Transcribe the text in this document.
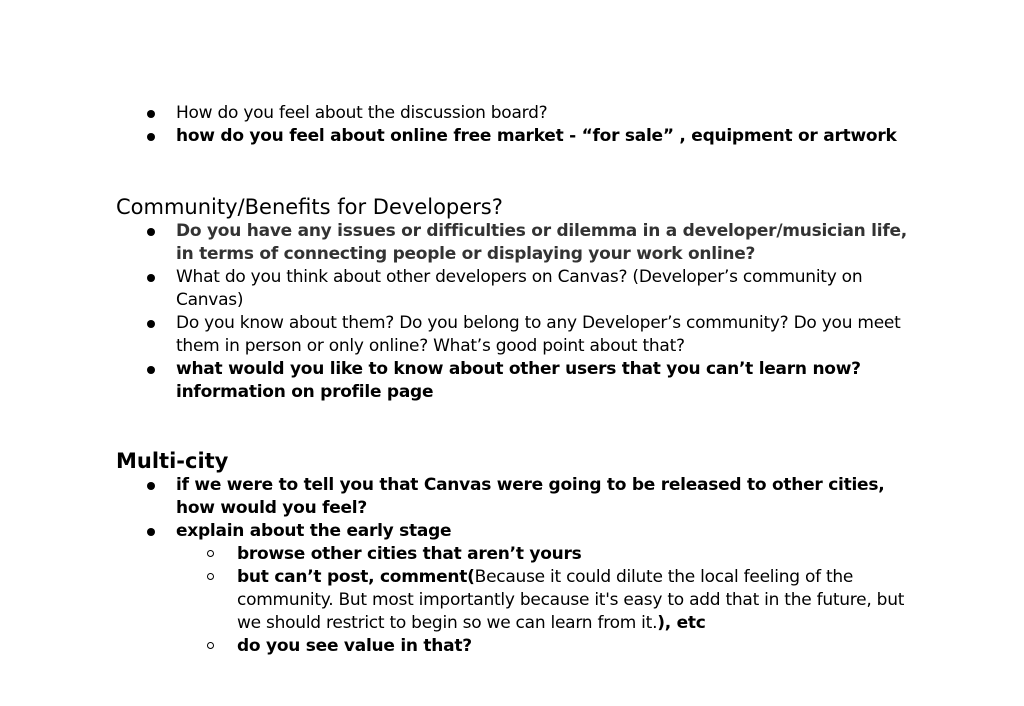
How do you feel about the discussion board?
how do you feel about online free market - “for sale” , equipment or artwork
Community/Benefits for Developers?
Do you have any issues or difficulties or dilemma in a developer/musician life, in terms of connecting people or displaying your work online?
What do you think about other developers on Canvas? (Developer’s community on Canvas)
Do you know about them? Do you belong to any Developer’s community? Do you meet them in person or only online? What’s good point about that?
what would you like to know about other users that you can’t learn now? information on profile page
Multi-city
if we were to tell you that Canvas were going to be released to other cities, how would you feel?
explain about the early stage
browse other cities that aren’t yours
but can’t post, comment(Because it could dilute the local feeling of the community. But most importantly because it's easy to add that in the future, but we should restrict to begin so we can learn from it.), etc
do you see value in that?
